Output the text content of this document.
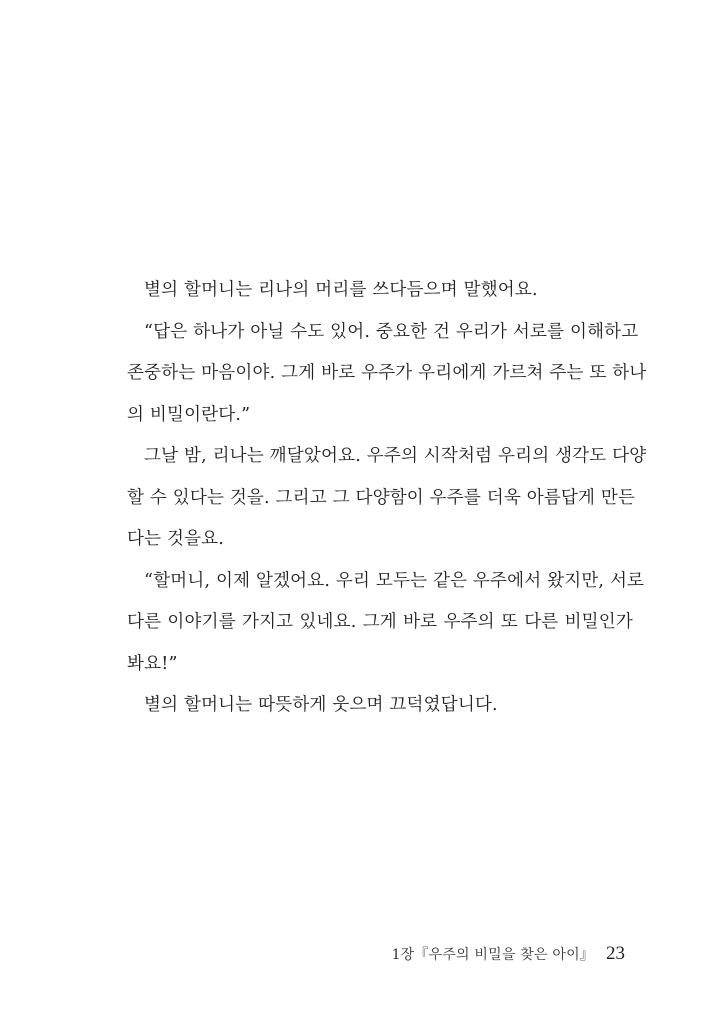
별의 할머니는 리나의 머리를 쓰다듬으며 말했어요.
“답은 하나가 아닐 수도 있어. 중요한 건 우리가 서로를 이해하고
존중하는 마음이야. 그게 바로 우주가 우리에게 가르쳐 주는 또 하나
의 비밀이란다.”
그날 밤, 리나는 깨달았어요. 우주의 시작처럼 우리의 생각도 다양
할 수 있다는 것을. 그리고 그 다양함이 우주를 더욱 아름답게 만든
다는 것을요.
“할머니, 이제 알겠어요. 우리 모두는 같은 우주에서 왔지만, 서로
다른 이야기를 가지고 있네요. 그게 바로 우주의 또 다른 비밀인가
봐요!”
별의 할머니는 따뜻하게 웃으며 끄덕였답니다.
1장『우주의 비밀을 찾은 아이』 23
